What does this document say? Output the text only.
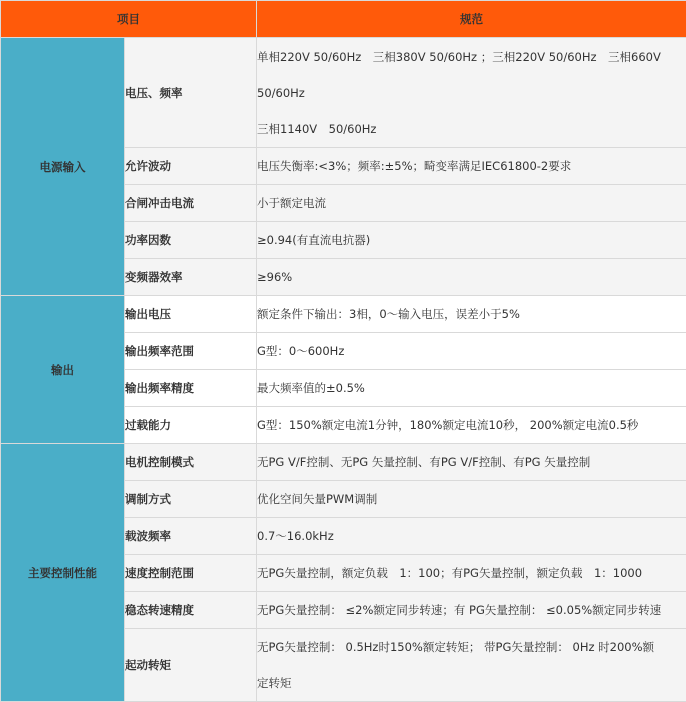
项目		规范
电源输入	电压、频率	单相220V 50/60Hz　三相380V 50/60Hz ；三相220V 50/60Hz　三相660V
50/60Hz
三相1140V　50/60Hz

	允许波动	电压失衡率:<3%；频率:±5%；畸变率满足IEC61800-2要求
	合闸冲击电流	小于额定电流
	功率因数	≥0.94(有直流电抗器)
	变频器效率	≥96%
输出	输出电压	额定条件下输出：3相，0～输入电压，误差小于5%
	输出频率范围	G型：0～600Hz
	输出频率精度	最大频率值的±0.5%
	过载能力	G型：150%额定电流1分钟，180%额定电流10秒， 200%额定电流0.5秒
主要控制性能	电机控制模式	无PG V/F控制、无PG 矢量控制、有PG V/F控制、有PG 矢量控制
	调制方式	优化空间矢量PWM调制
	载波频率	0.7～16.0kHz
	速度控制范围	无PG矢量控制，额定负载　1：100；有PG矢量控制，额定负载　1：1000
	稳态转速精度	无PG矢量控制： ≤2%额定同步转速；有 PG矢量控制： ≤0.05%额定同步转速
	起动转矩	无PG矢量控制： 0.5Hz时150%额定转矩； 带PG矢量控制： 0Hz 时200%额
定转矩
